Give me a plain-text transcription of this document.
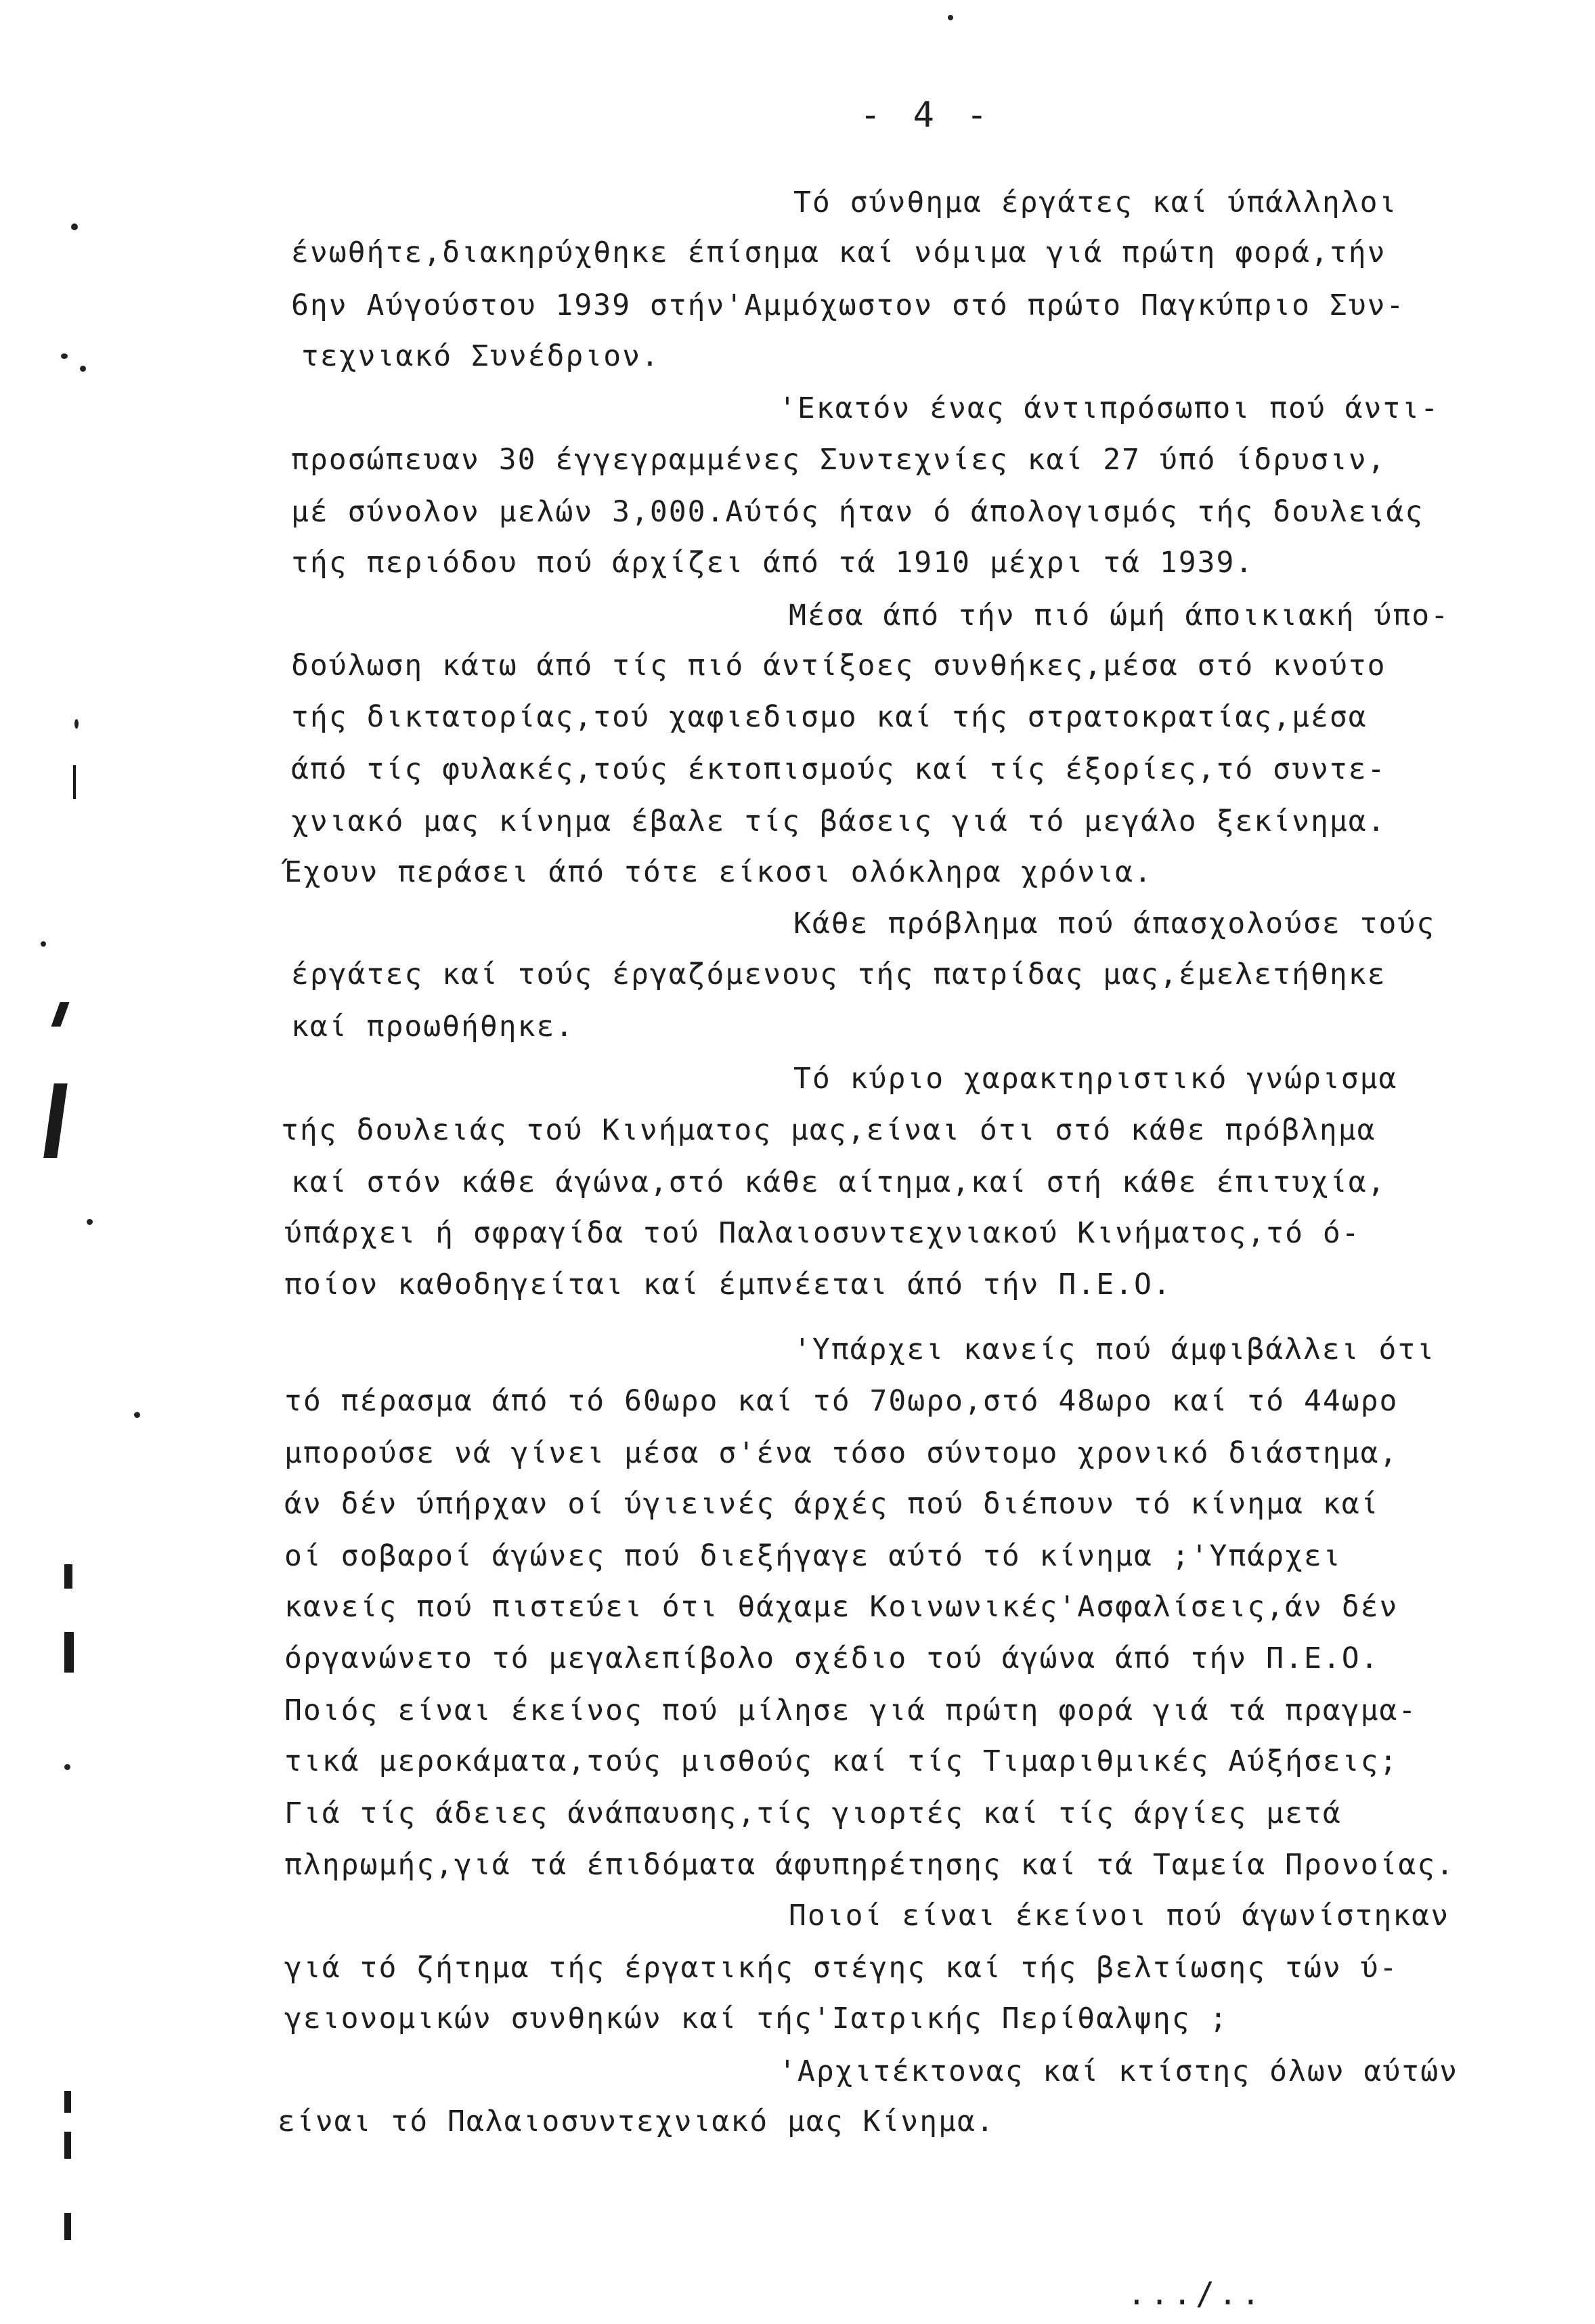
- 4 -
Τό σύνθημα έργάτες καί ύπάλληλοι
ένωθήτε,διακηρύχθηκε έπίσημα καί νόμιμα γιά πρώτη φορά,τήν
6ην Αύγούστου 1939 στήν'Αμμόχωστον στό πρώτο Παγκύπριο Συν-
τεχνιακό Συνέδριον.
'Εκατόν ένας άντιπρόσωποι πού άντι-
προσώπευαν 30 έγγεγραμμένες Συντεχνίες καί 27 ύπό ίδρυσιν,
μέ σύνολον μελών 3,000.Αύτός ήταν ό άπολογισμός τής δουλειάς
τής περιόδου πού άρχίζει άπό τά 1910 μέχρι τά 1939.
Μέσα άπό τήν πιό ώμή άποικιακή ύπο-
δούλωση κάτω άπό τίς πιό άντίξοες συνθήκες,μέσα στό κνούτο
τής δικτατορίας,τού χαφιεδισμο καί τής στρατοκρατίας,μέσα
άπό τίς φυλακές,τούς έκτοπισμούς καί τίς έξορίες,τό συντε-
χνιακό μας κίνημα έβαλε τίς βάσεις γιά τό μεγάλο ξεκίνημα.
Έχουν περάσει άπό τότε είκοσι ολόκληρα χρόνια.
Κάθε πρόβλημα πού άπασχολούσε τούς
έργάτες καί τούς έργαζόμενους τής πατρίδας μας,έμελετήθηκε
καί προωθήθηκε.
Τό κύριο χαρακτηριστικό γνώρισμα
τής δουλειάς τού Κινήματος μας,είναι ότι στό κάθε πρόβλημα
καί στόν κάθε άγώνα,στό κάθε αίτημα,καί στή κάθε έπιτυχία,
ύπάρχει ή σφραγίδα τού Παλαιοσυντεχνιακού Κινήματος,τό ό-
ποίον καθοδηγείται καί έμπνέεται άπό τήν Π.Ε.Ο.
'Υπάρχει κανείς πού άμφιβάλλει ότι
τό πέρασμα άπό τό 60ωρο καί τό 70ωρο,στό 48ωρο καί τό 44ωρο
μπορούσε νά γίνει μέσα σ'ένα τόσο σύντομο χρονικό διάστημα,
άν δέν ύπήρχαν οί ύγιεινές άρχές πού διέπουν τό κίνημα καί
οί σοβαροί άγώνες πού διεξήγαγε αύτό τό κίνημα ;'Υπάρχει
κανείς πού πιστεύει ότι θάχαμε Κοινωνικές'Ασφαλίσεις,άν δέν
όργανώνετο τό μεγαλεπίβολο σχέδιο τού άγώνα άπό τήν Π.Ε.Ο.
Ποιός είναι έκείνος πού μίλησε γιά πρώτη φορά γιά τά πραγμα-
τικά μεροκάματα,τούς μισθούς καί τίς Τιμαριθμικές Αύξήσεις;
Γιά τίς άδειες άνάπαυσης,τίς γιορτές καί τίς άργίες μετά
πληρωμής,γιά τά έπιδόματα άφυπηρέτησης καί τά Ταμεία Προνοίας.
Ποιοί είναι έκείνοι πού άγωνίστηκαν
γιά τό ζήτημα τής έργατικής στέγης καί τής βελτίωσης τών ύ-
γειονομικών συνθηκών καί τής'Ιατρικής Περίθαλψης ;
'Αρχιτέκτονας καί κτίστης όλων αύτών
είναι τό Παλαιοσυντεχνιακό μας Κίνημα.
.../..
